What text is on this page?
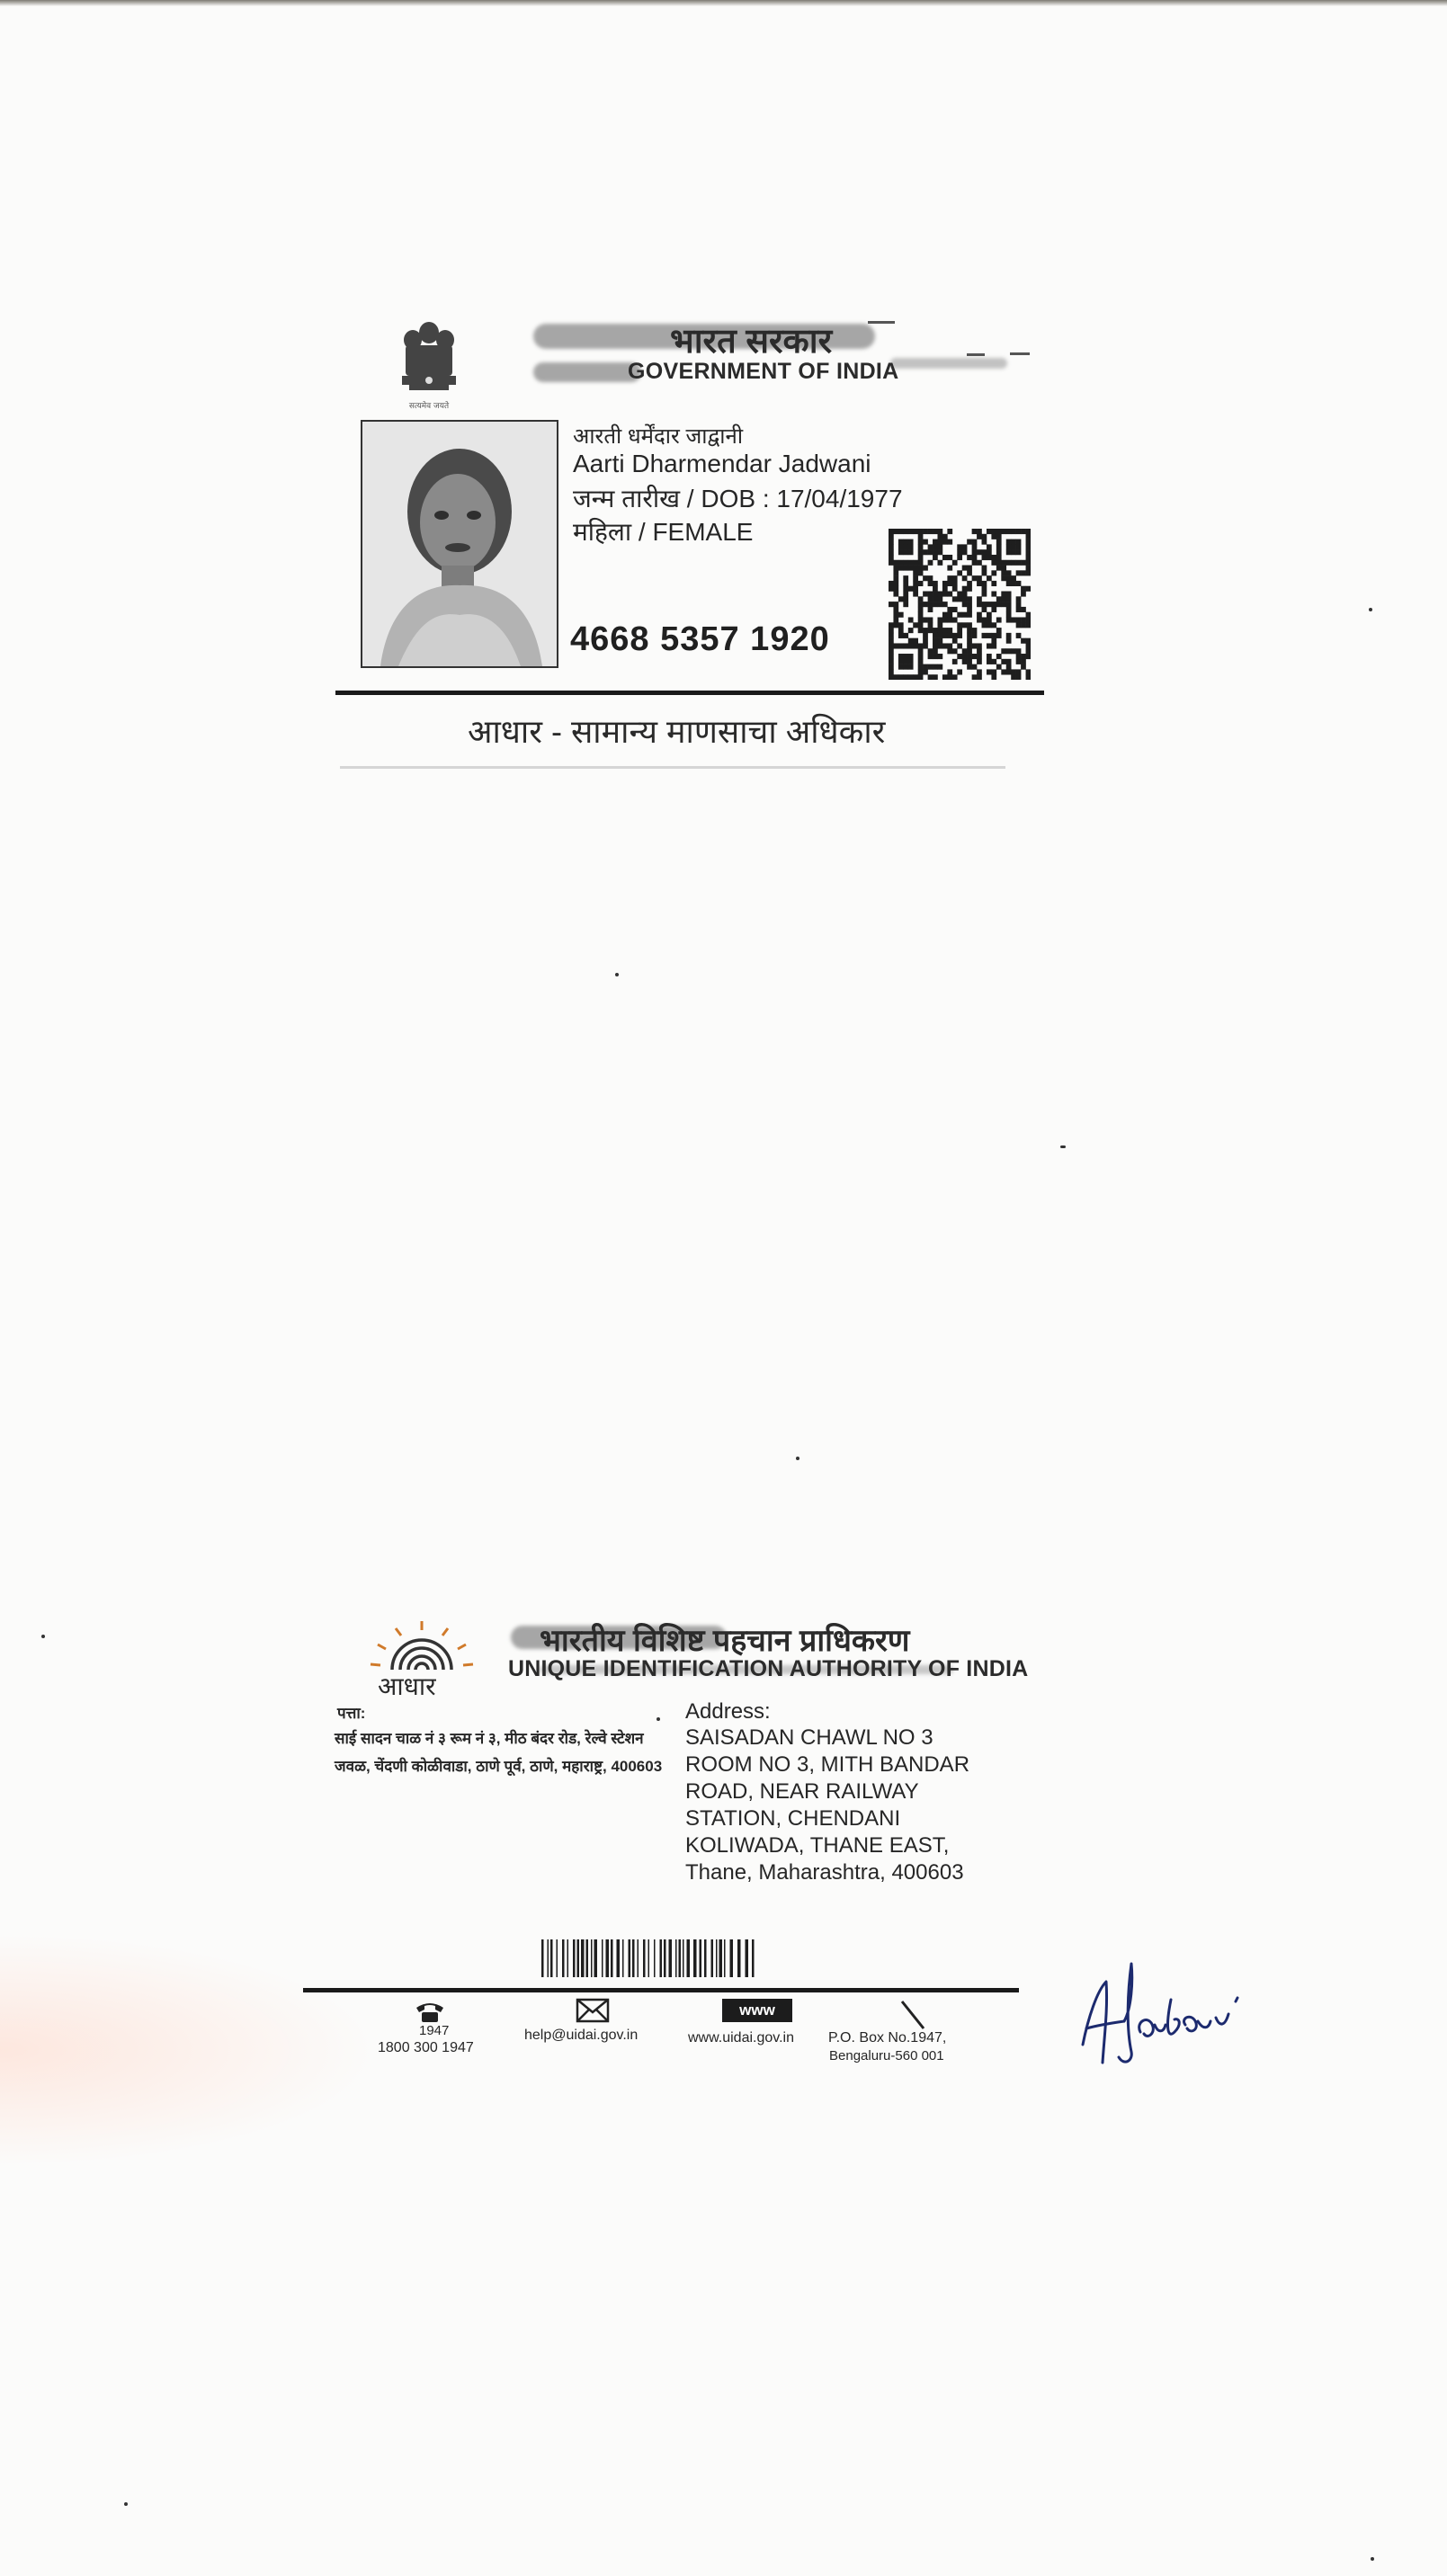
सत्यमेव जयते
भारत सरकार
GOVERNMENT OF INDIA
आरती धर्मेंदार जाद्वानी
Aarti Dharmendar Jadwani
जन्म तारीख / DOB : 17/04/1977
महिला / FEMALE
4668 5357 1920
आधार - सामान्य माणसाचा अधिकार
आधार
भारतीय विशिष्ट पहचान प्राधिकरण
UNIQUE IDENTIFICATION AUTHORITY OF INDIA
पत्ता:
साई सादन चाळ नं ३ रूम नं ३, मीठ बंदर रोड, रेल्वे स्टेशन जवळ, चेंदणी कोळीवाडा, ठाणे पूर्व, ठाणे, महाराष्ट्र, 400603
Address:
SAISADAN CHAWL NO 3
ROOM NO 3, MITH BANDAR
ROAD, NEAR RAILWAY
STATION, CHENDANI
KOLIWADA, THANE EAST,
Thane, Maharashtra, 400603
1947
1800 300 1947
help@uidai.gov.in
www
www.uidai.gov.in P.O. Box No.1947,
Bengaluru-560 001
